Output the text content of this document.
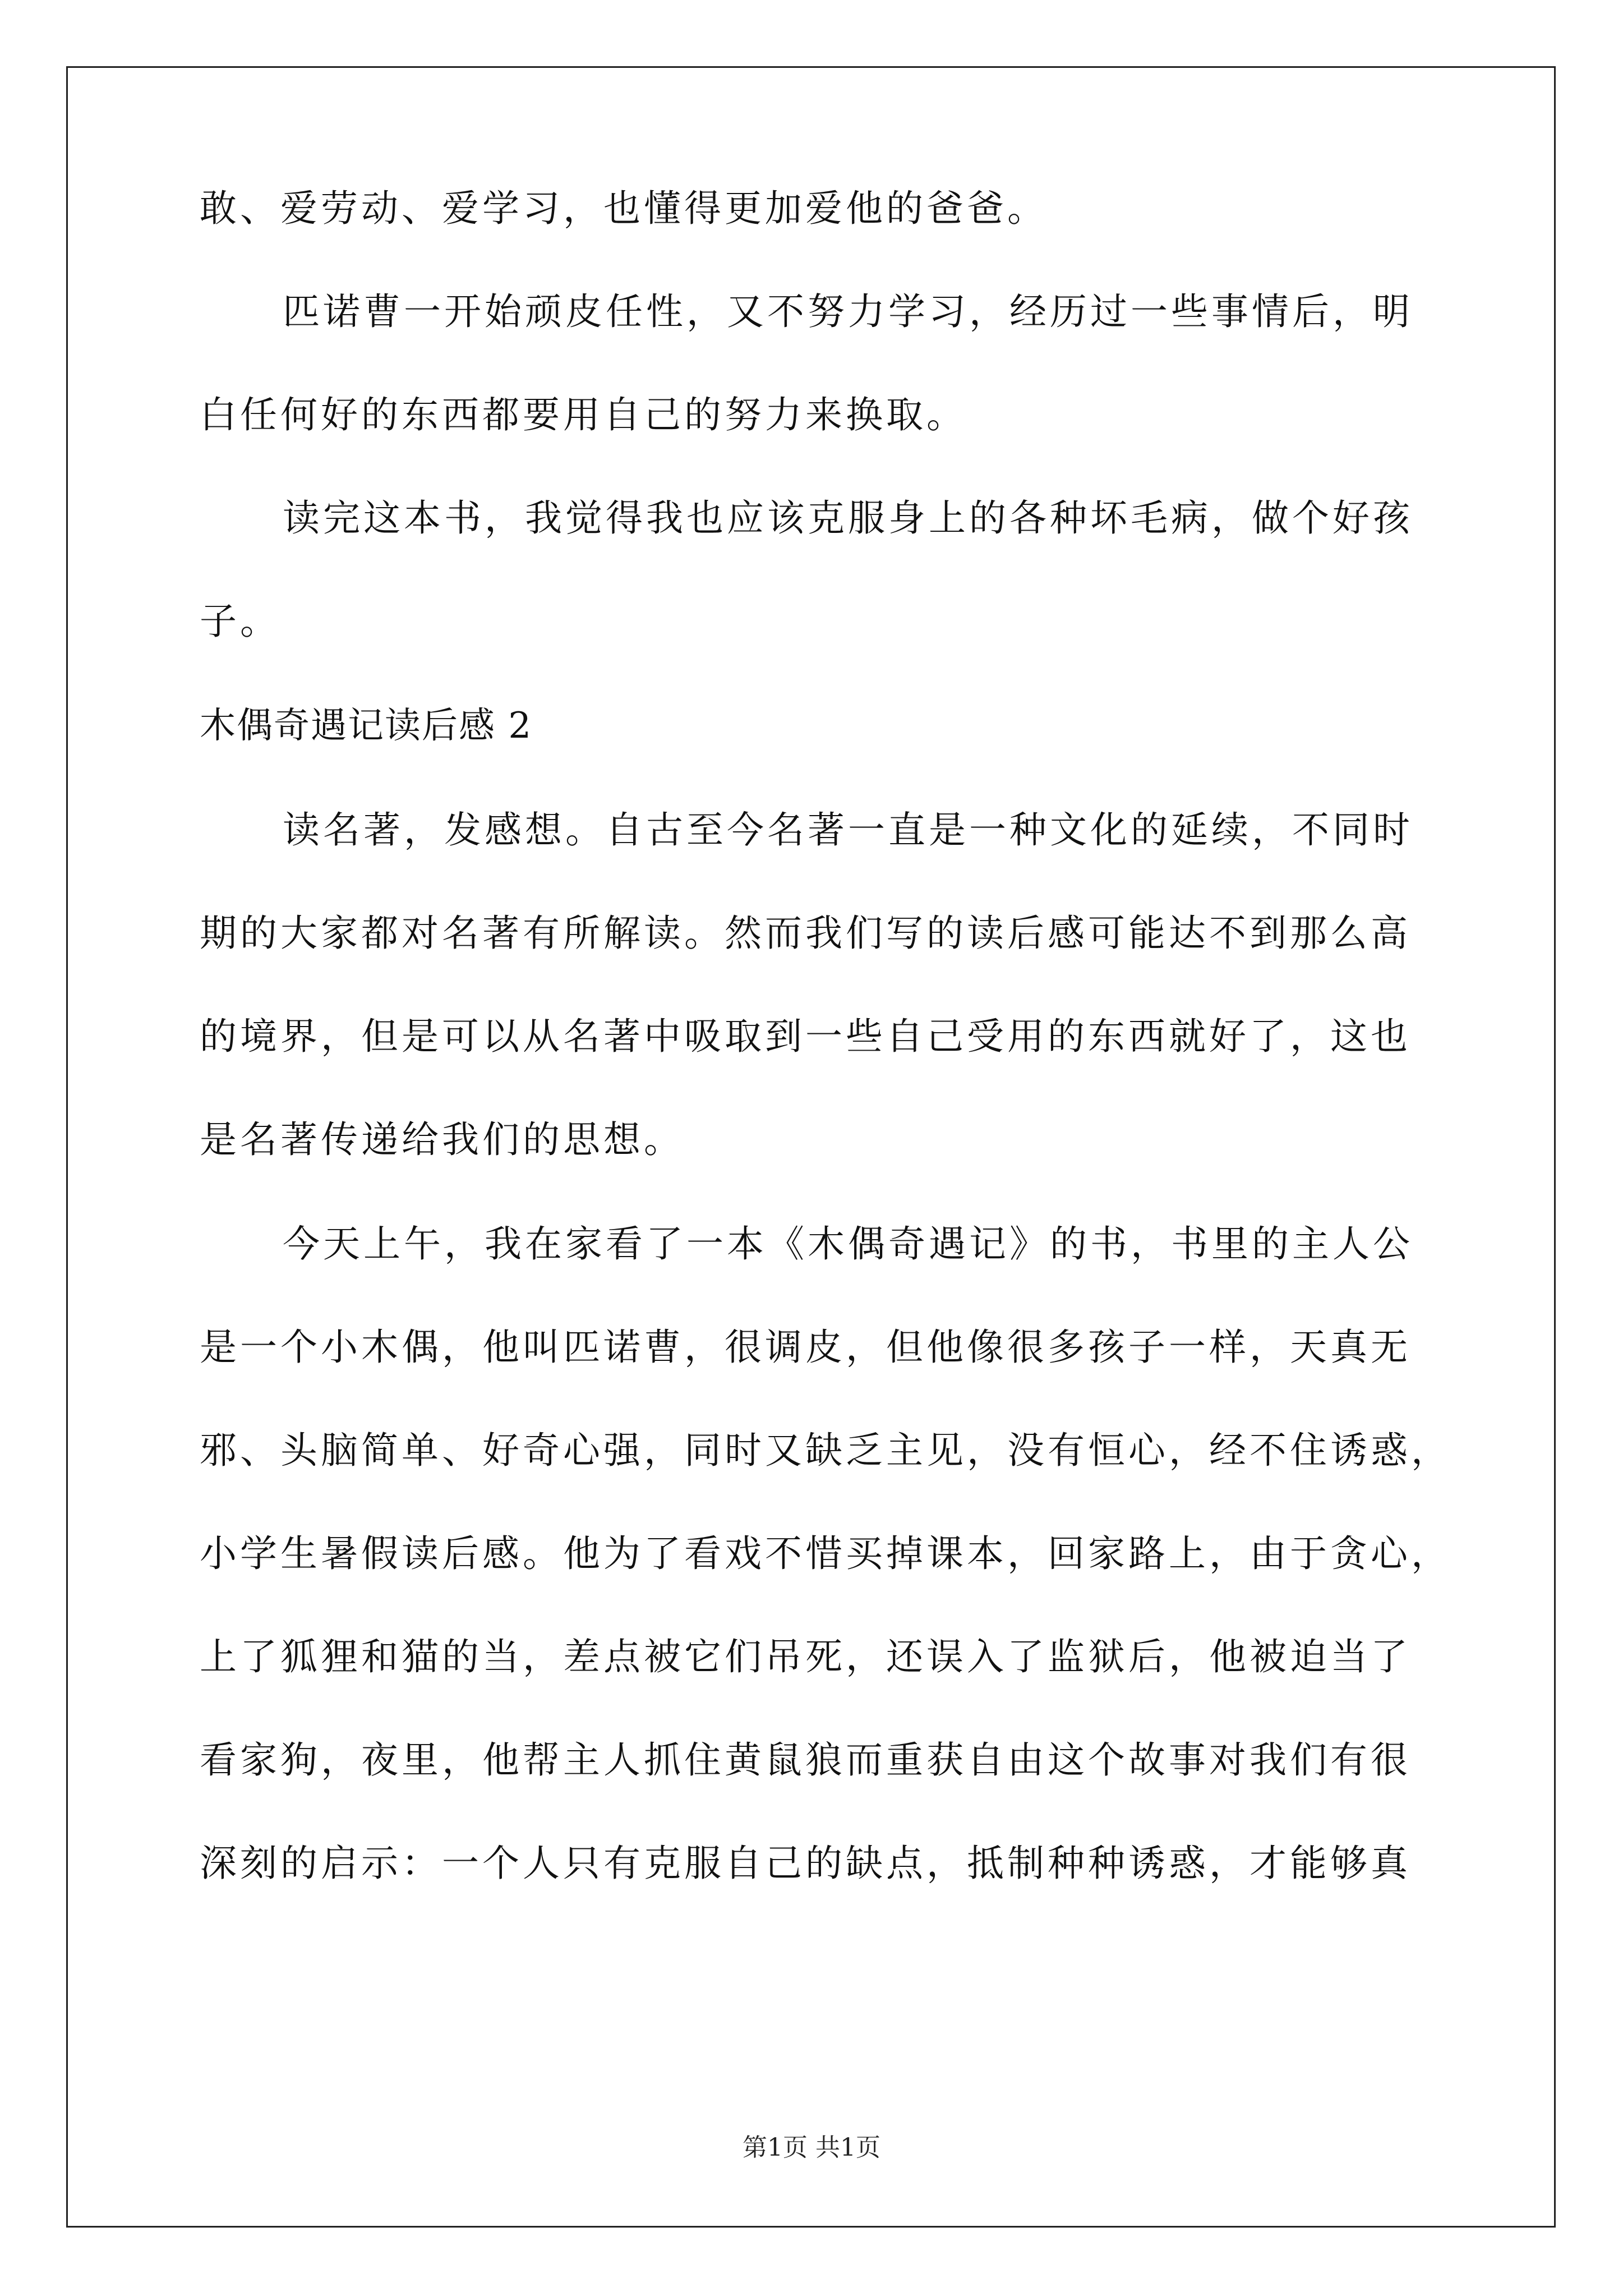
敢、爱劳动、爱学习，也懂得更加爱他的爸爸。
匹诺曹一开始顽皮任性，又不努力学习，经历过一些事情后，明
白任何好的东西都要用自己的努力来换取。
读完这本书，我觉得我也应该克服身上的各种坏毛病，做个好孩
子。
木偶奇遇记读后感 2
读名著，发感想。自古至今名著一直是一种文化的延续，不同时
期的大家都对名著有所解读。然而我们写的读后感可能达不到那么高
的境界，但是可以从名著中吸取到一些自己受用的东西就好了，这也
是名著传递给我们的思想。
今天上午，我在家看了一本《木偶奇遇记》的书，书里的主人公
是一个小木偶，他叫匹诺曹，很调皮，但他像很多孩子一样，天真无
邪、头脑简单、好奇心强，同时又缺乏主见，没有恒心，经不住诱惑，
小学生暑假读后感。他为了看戏不惜买掉课本，回家路上，由于贪心，
上了狐狸和猫的当，差点被它们吊死，还误入了监狱后，他被迫当了
看家狗，夜里，他帮主人抓住黄鼠狼而重获自由这个故事对我们有很
深刻的启示：一个人只有克服自己的缺点，抵制种种诱惑，才能够真
第1页 共1页
